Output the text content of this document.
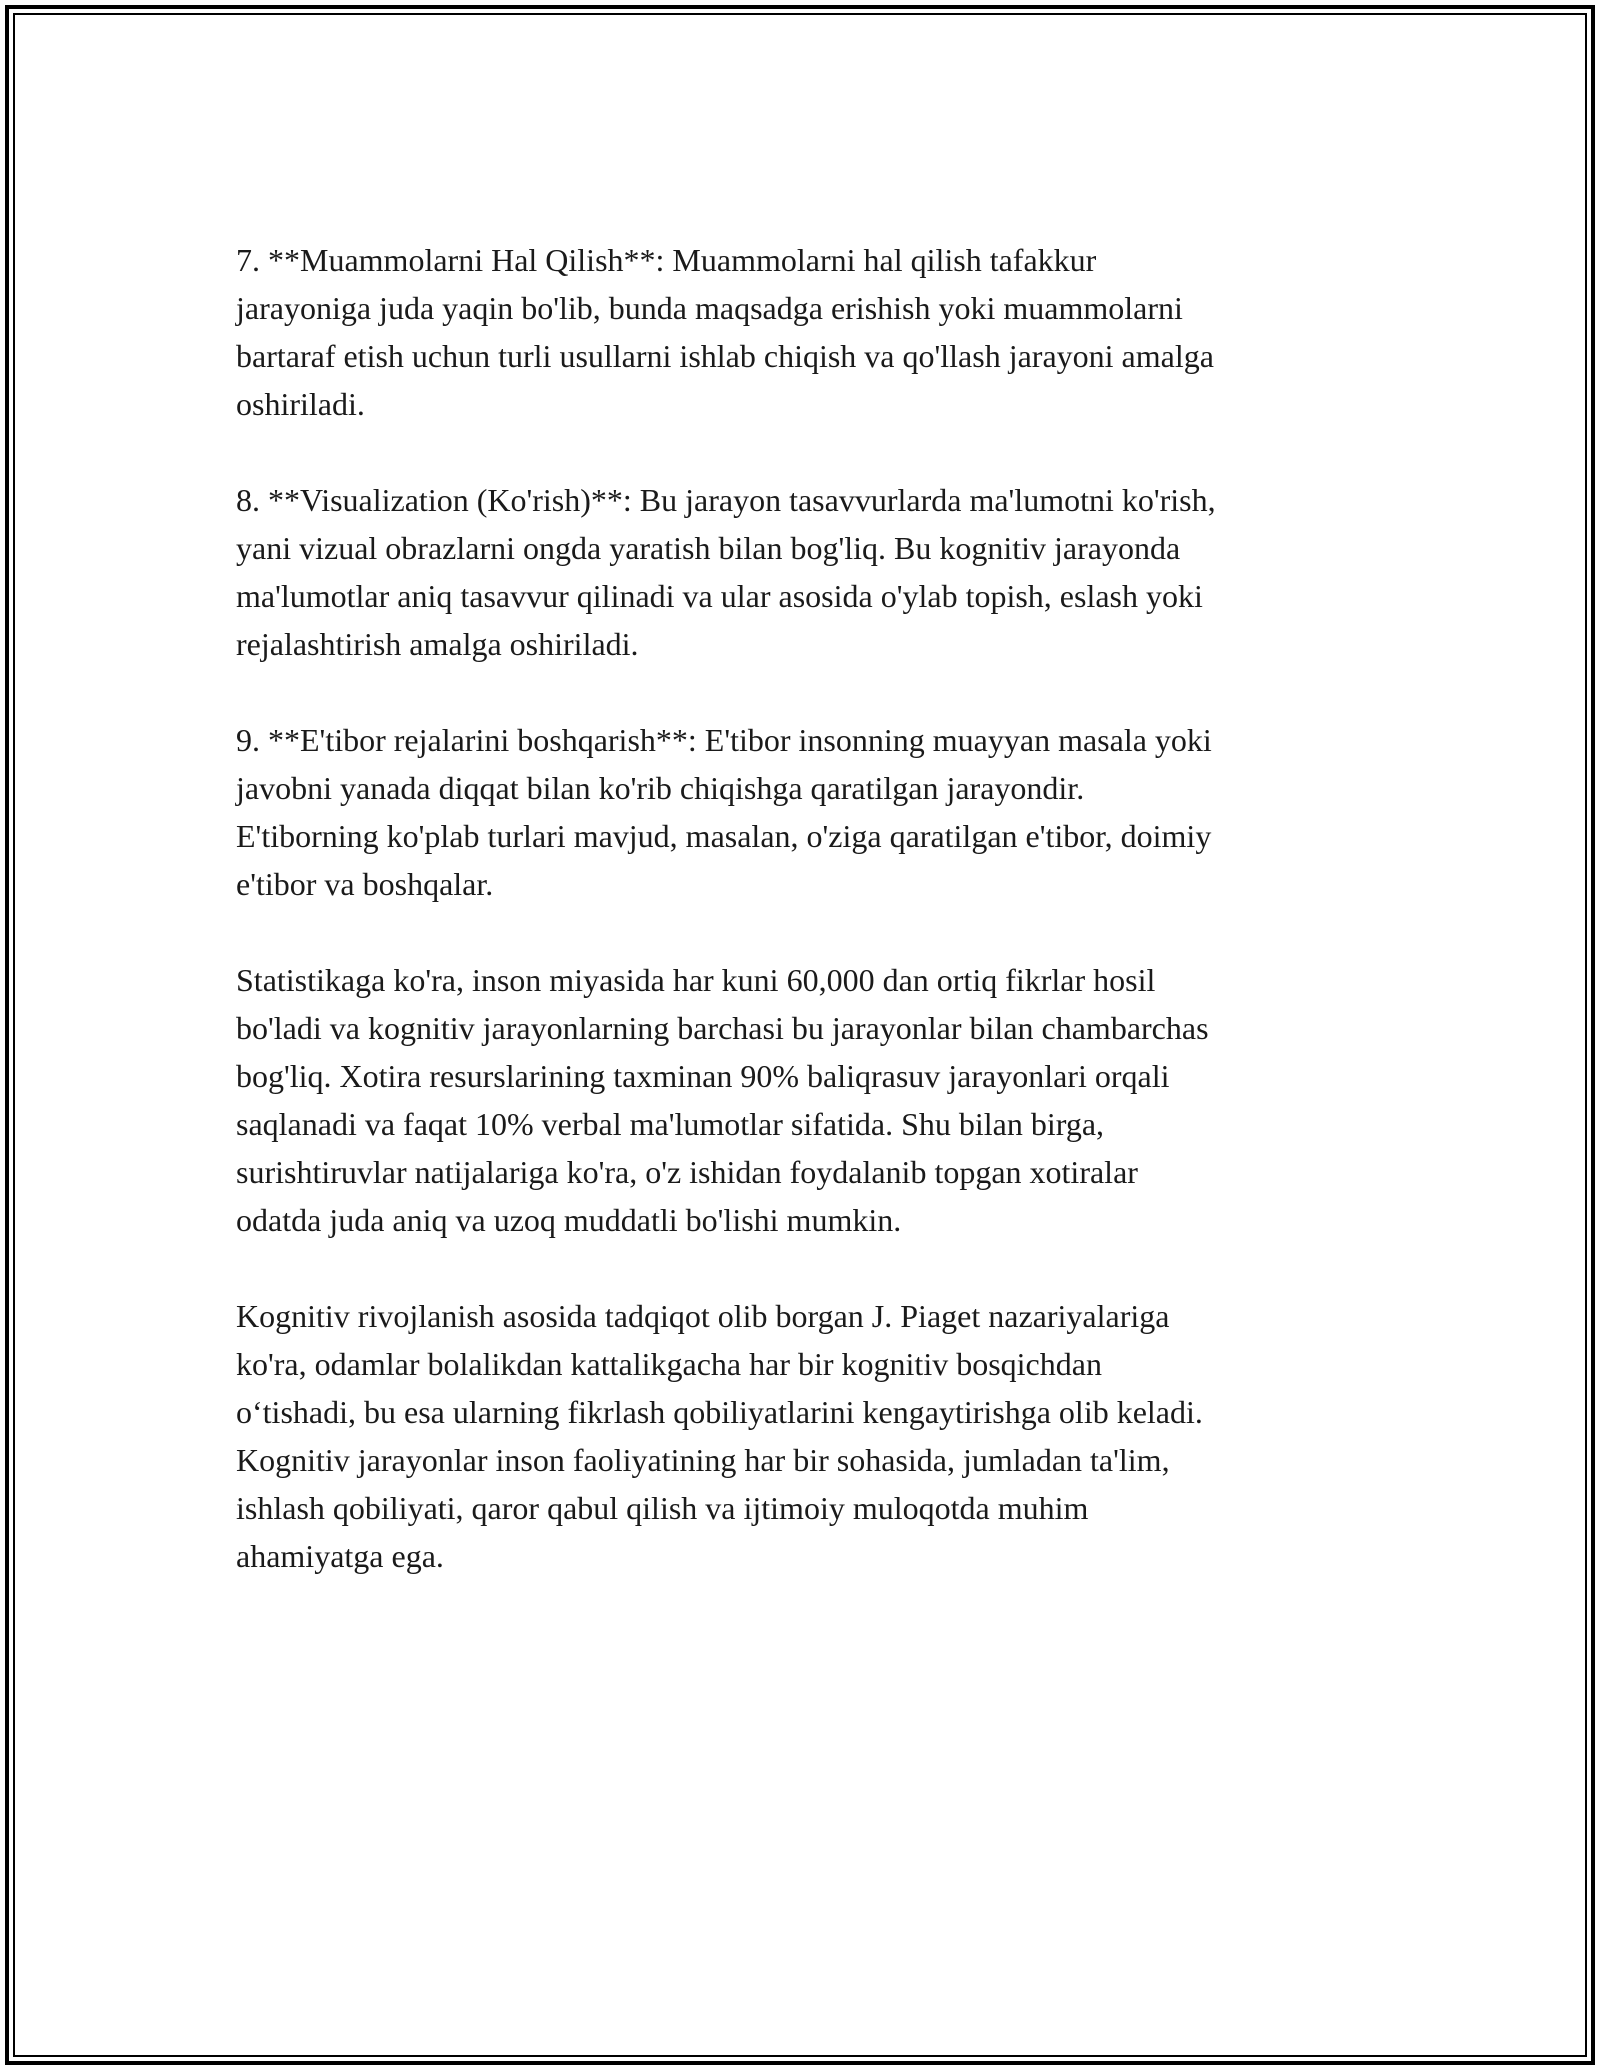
7. **Muammolarni Hal Qilish**: Muammolarni hal qilish tafakkur
jarayoniga juda yaqin bo'lib, bunda maqsadga erishish yoki muammolarni
bartaraf etish uchun turli usullarni ishlab chiqish va qo'llash jarayoni amalga
oshiriladi.

8. **Visualization (Ko'rish)**: Bu jarayon tasavvurlarda ma'lumotni ko'rish,
yani vizual obrazlarni ongda yaratish bilan bog'liq. Bu kognitiv jarayonda
ma'lumotlar aniq tasavvur qilinadi va ular asosida o'ylab topish, eslash yoki
rejalashtirish amalga oshiriladi.

9. **E'tibor rejalarini boshqarish**: E'tibor insonning muayyan masala yoki
javobni yanada diqqat bilan ko'rib chiqishga qaratilgan jarayondir.
E'tiborning ko'plab turlari mavjud, masalan, o'ziga qaratilgan e'tibor, doimiy
e'tibor va boshqalar.

Statistikaga ko'ra, inson miyasida har kuni 60,000 dan ortiq fikrlar hosil
bo'ladi va kognitiv jarayonlarning barchasi bu jarayonlar bilan chambarchas
bog'liq. Xotira resurslarining taxminan 90% baliqrasuv jarayonlari orqali
saqlanadi va faqat 10% verbal ma'lumotlar sifatida. Shu bilan birga,
surishtiruvlar natijalariga ko'ra, o'z ishidan foydalanib topgan xotiralar
odatda juda aniq va uzoq muddatli bo'lishi mumkin.

Kognitiv rivojlanish asosida tadqiqot olib borgan J. Piaget nazariyalariga
ko'ra, odamlar bolalikdan kattalikgacha har bir kognitiv bosqichdan
o‘tishadi, bu esa ularning fikrlash qobiliyatlarini kengaytirishga olib keladi.
Kognitiv jarayonlar inson faoliyatining har bir sohasida, jumladan ta'lim,
ishlash qobiliyati, qaror qabul qilish va ijtimoiy muloqotda muhim
ahamiyatga ega.
